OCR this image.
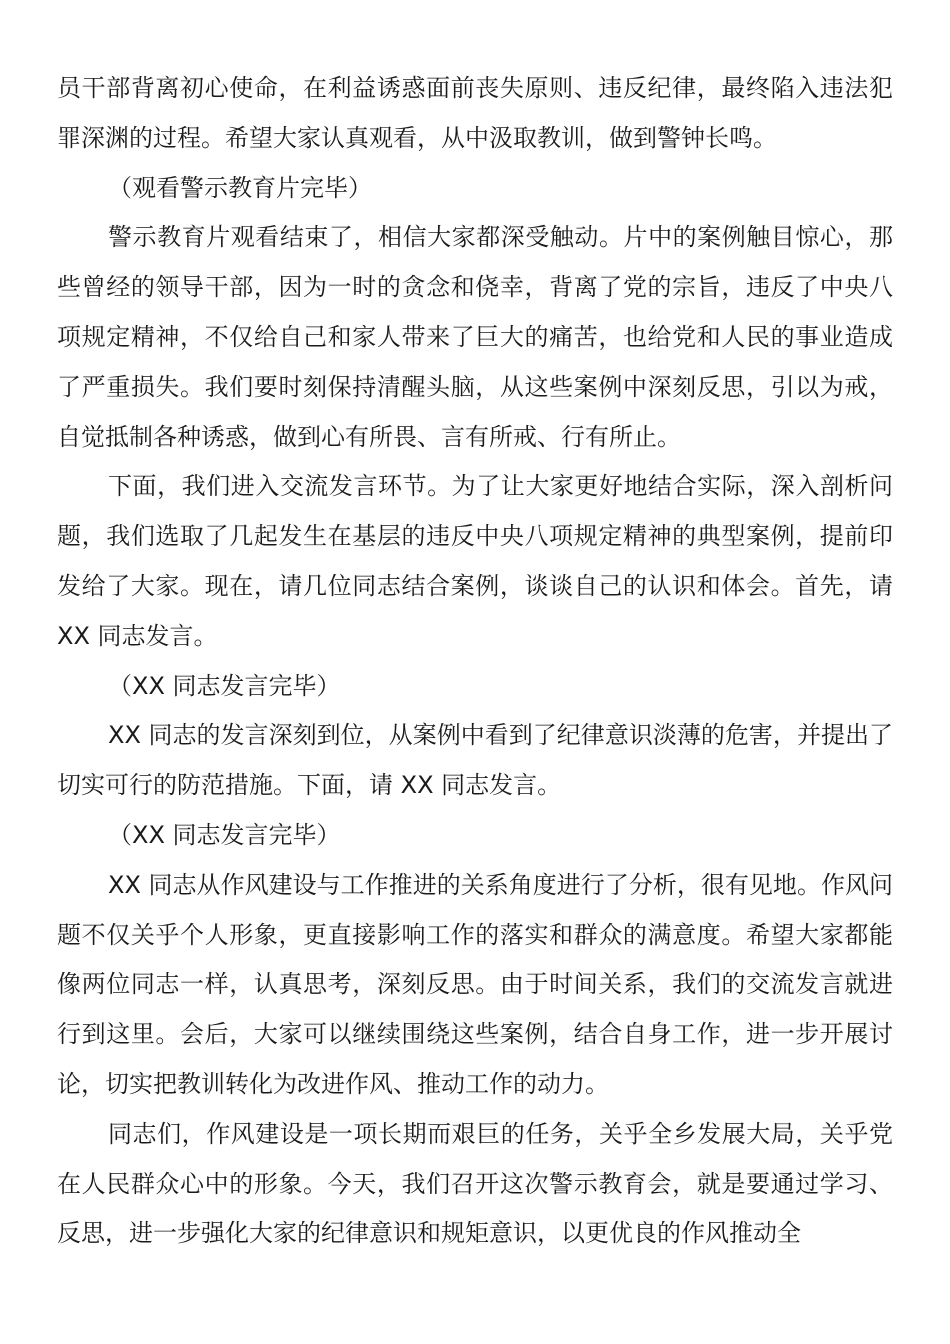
员干部背离初心使命，在利益诱惑面前丧失原则、违反纪律，最终陷入违法犯罪深渊的过程。希望大家认真观看，从中汲取教训，做到警钟长鸣。

（观看警示教育片完毕）

警示教育片观看结束了，相信大家都深受触动。片中的案例触目惊心，那些曾经的领导干部，因为一时的贪念和侥幸，背离了党的宗旨，违反了中央八项规定精神，不仅给自己和家人带来了巨大的痛苦，也给党和人民的事业造成了严重损失。我们要时刻保持清醒头脑，从这些案例中深刻反思，引以为戒，自觉抵制各种诱惑，做到心有所畏、言有所戒、行有所止。

下面，我们进入交流发言环节。为了让大家更好地结合实际，深入剖析问题，我们选取了几起发生在基层的违反中央八项规定精神的典型案例，提前印发给了大家。现在，请几位同志结合案例，谈谈自己的认识和体会。首先，请 XX 同志发言。

（XX 同志发言完毕）

XX 同志的发言深刻到位，从案例中看到了纪律意识淡薄的危害，并提出了切实可行的防范措施。下面，请 XX 同志发言。

（XX 同志发言完毕）

XX 同志从作风建设与工作推进的关系角度进行了分析，很有见地。作风问题不仅关乎个人形象，更直接影响工作的落实和群众的满意度。希望大家都能像两位同志一样，认真思考，深刻反思。由于时间关系，我们的交流发言就进行到这里。会后，大家可以继续围绕这些案例，结合自身工作，进一步开展讨论，切实把教训转化为改进作风、推动工作的动力。

同志们，作风建设是一项长期而艰巨的任务，关乎全乡发展大局，关乎党在人民群众心中的形象。今天，我们召开这次警示教育会，就是要通过学习、反思，进一步强化大家的纪律意识和规矩意识，以更优良的作风推动全
